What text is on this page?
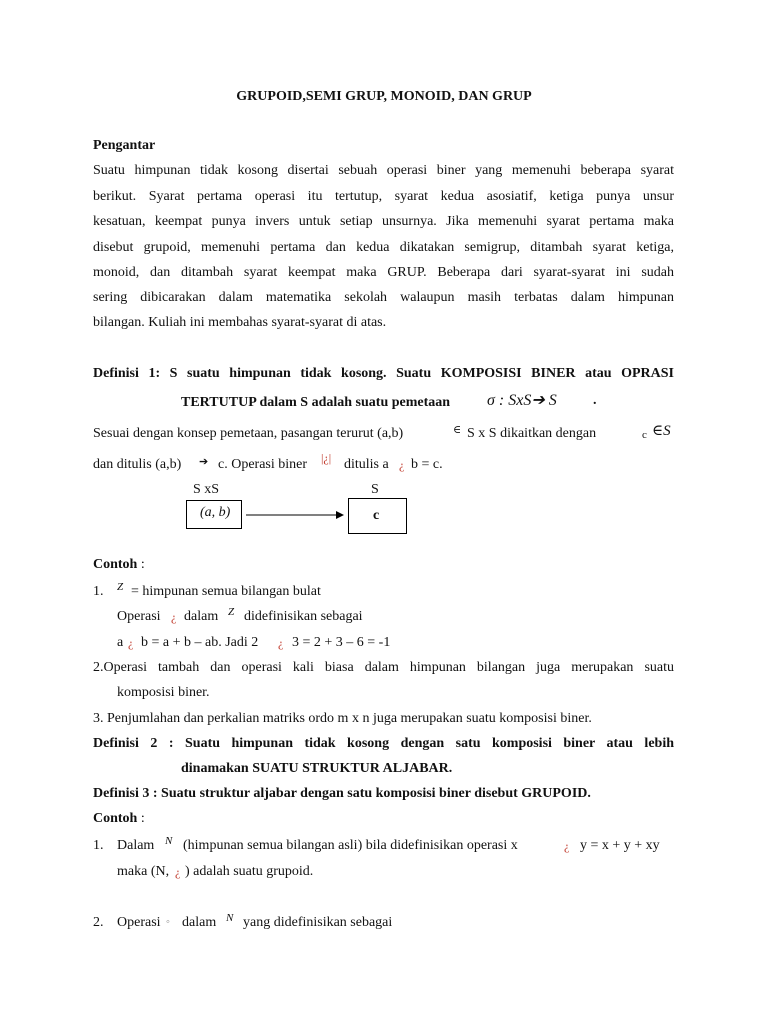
GRUPOID,SEMI GRUP, MONOID, DAN GRUP
Pengantar
Suatu himpunan tidak kosong disertai sebuah operasi biner yang memenuhi beberapa syarat
berikut. Syarat pertama operasi itu tertutup, syarat kedua asosiatif, ketiga punya unsur
kesatuan, keempat punya invers untuk setiap unsurnya. Jika memenuhi syarat pertama maka
disebut grupoid, memenuhi pertama dan kedua dikatakan semigrup, ditambah syarat ketiga,
monoid, dan ditambah syarat keempat maka GRUP. Beberapa dari syarat-syarat ini sudah
sering dibicarakan dalam matematika sekolah walaupun masih terbatas dalam himpunan
bilangan. Kuliah ini membahas syarat-syarat di atas.
Definisi 1: S suatu himpunan tidak kosong. Suatu KOMPOSISI BINER atau OPRASI
TERTUTUP dalam S adalah suatu pemetaan σ : SxS➔ S	.
Sesuai dengan konsep pemetaan, pasangan terurut (a,b)	∈ S x S dikaitkan dengan	c ∈S
dan ditulis (a,b) ➔ c. Operasi biner |¿| ditulis a ¿ b = c.
S xS
(a, b)
S
c
Contoh :
1. Z = himpunan semua bilangan bulat
Operasi ¿ dalam Z didefinisikan sebagai
a ¿ b = a + b – ab. Jadi 2 ¿ 3 = 2 + 3 – 6 = -1
2.Operasi tambah dan operasi kali biasa dalam himpunan bilangan juga merupakan suatu
komposisi biner.
3. Penjumlahan dan perkalian matriks ordo m x n juga merupakan suatu komposisi biner.
Definisi 2 : Suatu himpunan tidak kosong dengan satu komposisi biner atau lebih
dinamakan SUATU STRUKTUR ALJABAR.
Definisi 3 : Suatu struktur aljabar dengan satu komposisi biner disebut GRUPOID.
Contoh :
1. Dalam N (himpunan semua bilangan asli) bila didefinisikan operasi x	¿ y = x + y + xy
maka (N, ¿ ) adalah suatu grupoid.
2. Operasi ◦ dalam N yang didefinisikan sebagai
